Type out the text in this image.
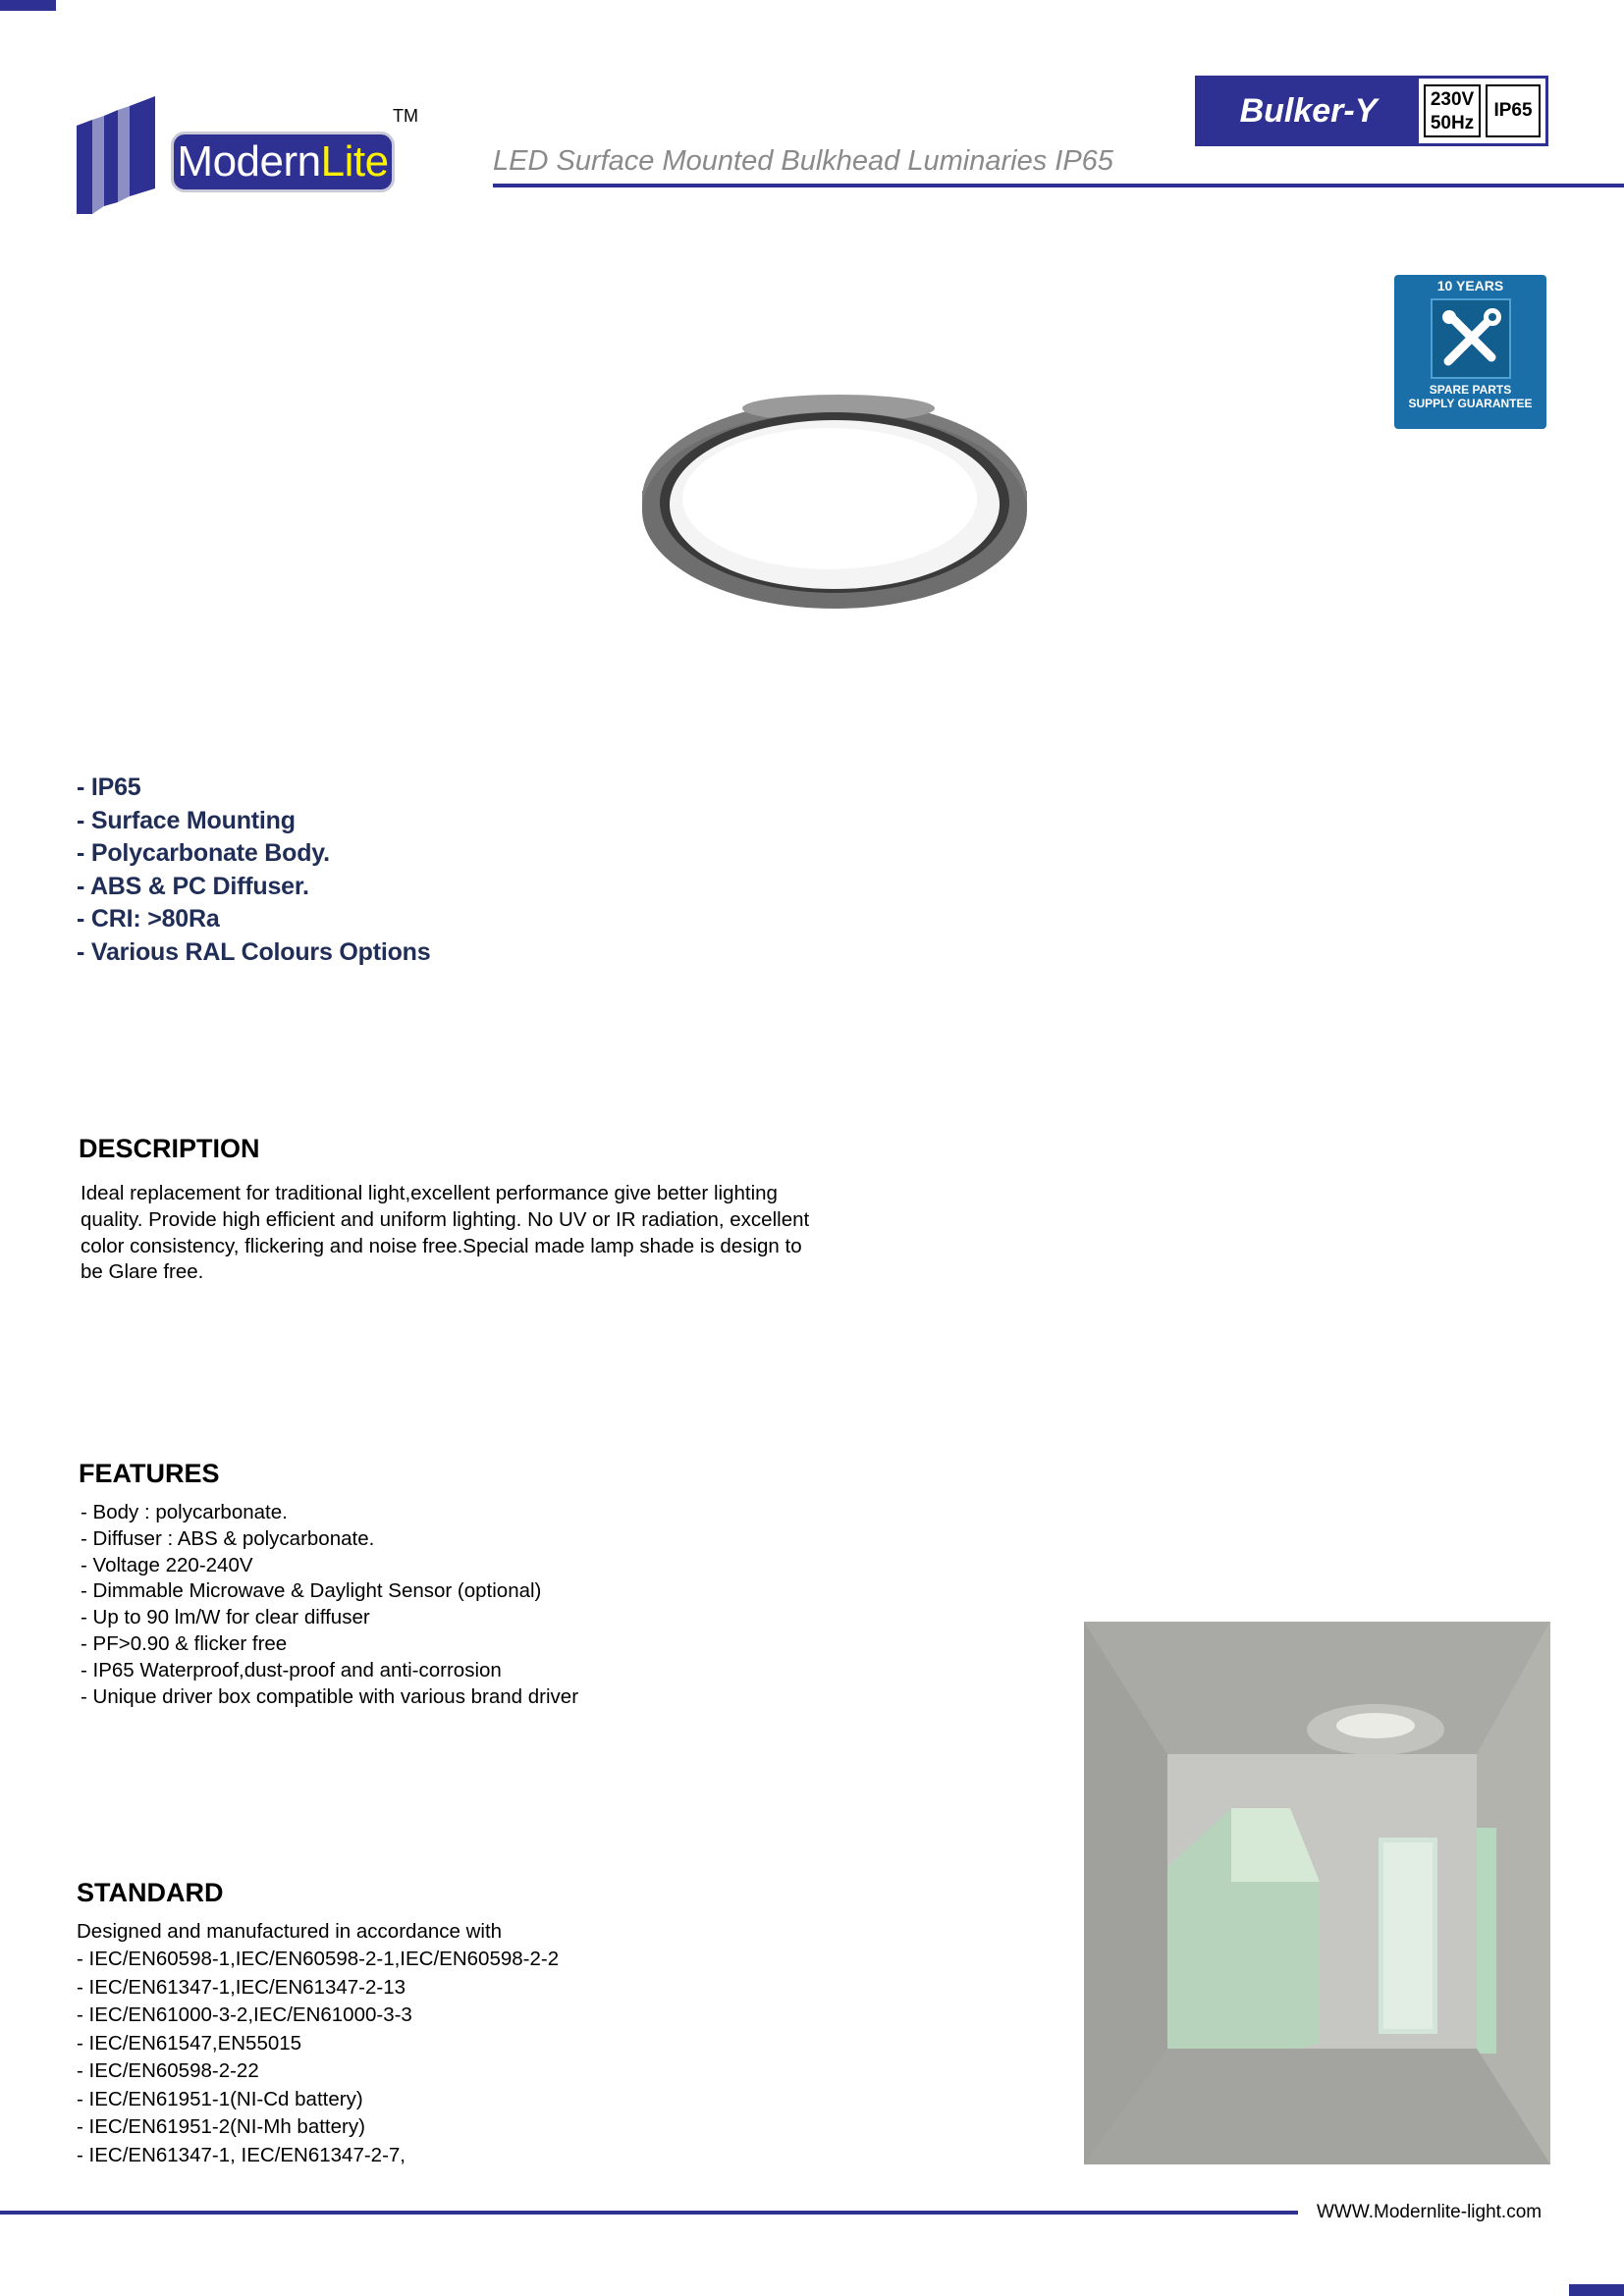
ModernLite
TM
LED Surface Mounted Bulkhead Luminaries IP65
Bulker-Y	230V
50Hz
IP65
10 YEARS
SPARE PARTS
SUPPLY GUARANTEE
- IP65
- Surface Mounting
- Polycarbonate Body.
- ABS & PC Diffuser.
- CRI: >80Ra
- Various RAL Colours Options
DESCRIPTION
Ideal replacement for traditional light,excellent performance give better lighting
quality. Provide high efficient and uniform lighting. No UV or IR radiation, excellent
color consistency, flickering and noise free.Special made lamp shade is design to
be Glare free.
FEATURES
- Body : polycarbonate.
- Diffuser : ABS & polycarbonate.
- Voltage 220-240V
- Dimmable Microwave & Daylight Sensor (optional)
- Up to 90 lm/W for clear diffuser
- PF>0.90 & flicker free
- IP65 Waterproof,dust-proof and anti-corrosion
- Unique driver box compatible with various brand driver
STANDARD
Designed and manufactured in accordance with
- IEC/EN60598-1,IEC/EN60598-2-1,IEC/EN60598-2-2
- IEC/EN61347-1,IEC/EN61347-2-13
- IEC/EN61000-3-2,IEC/EN61000-3-3
- IEC/EN61547,EN55015
- IEC/EN60598-2-22
- IEC/EN61951-1(NI-Cd battery)
- IEC/EN61951-2(NI-Mh battery)
- IEC/EN61347-1, IEC/EN61347-2-7,
WWW.Modernlite-light.com
